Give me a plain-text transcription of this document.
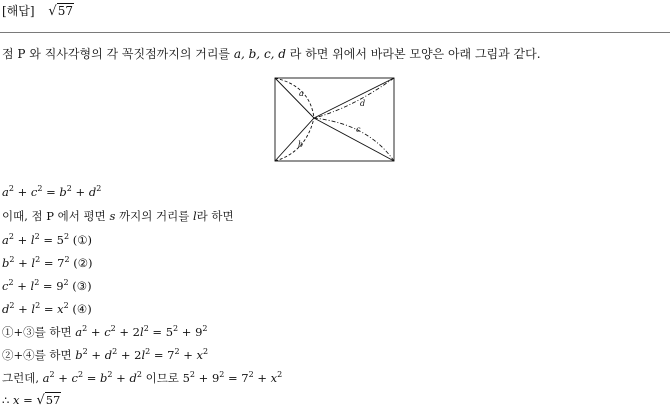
[해답] √57
점 P 와 직사각형의 각 꼭짓점까지의 거리를 a, b, c, d 라 하면 위에서 바라본 모양은 아래 그림과 같다.
a
b
c
d
$a^2 + c^2 = b^2 + d^2$
이때, 점 P 에서 평면 s 까지의 거리를 l라 하면
$a^2 + l^2 = 5^2$ (①)
$b^2 + l^2 = 7^2$ (②)
$c^2 + l^2 = 9^2$ (③)
$d^2 + l^2 = x^2$ (④)
①+③를 하면 $a^2 + c^2 + 2l^2 = 5^2 + 9^2$
②+④를 하면 $b^2 + d^2 + 2l^2 = 7^2 + x^2$
그런데, $a^2 + c^2 = b^2 + d^2$ 이므로 $5^2 + 9^2 = 7^2 + x^2$
∴ x = √57
